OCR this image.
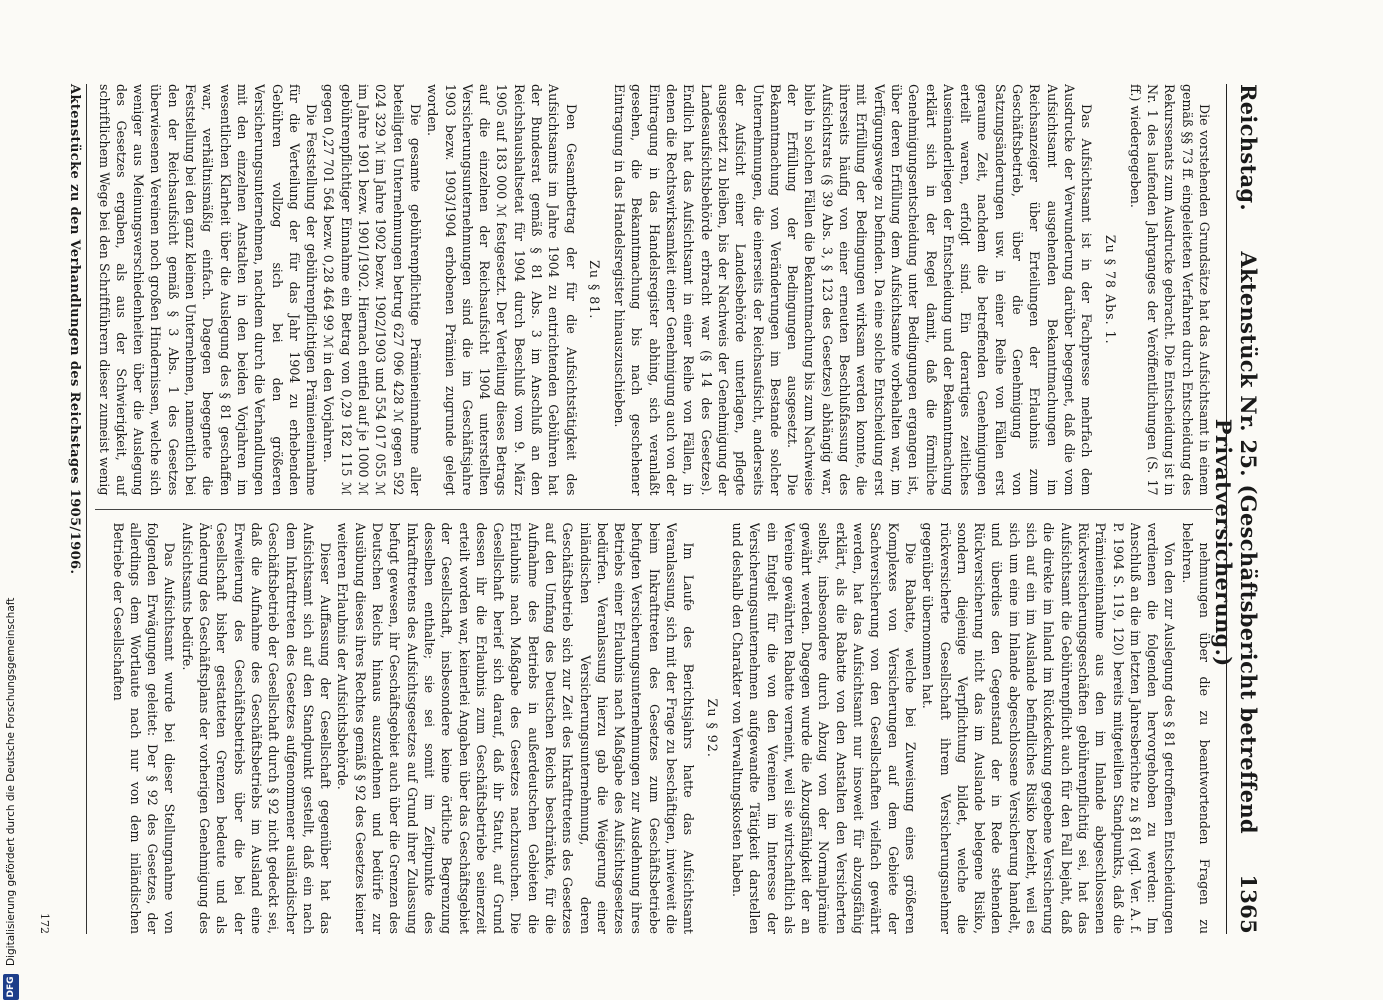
Reichstag.
Aktenstück Nr. 25. (Geschäftsbericht betreffend Privatversicherung.)
1365

Die vorstehenden Grundsätze hat das Aufsichtsamt in einem gemäß §§ 73 ff. eingeleiteten Verfahren durch Entscheidung des Rekurssenats zum Ausdrucke gebracht. Die Entscheidung ist in Nr. 1 des laufenden Jahrganges der Veröffentlichungen (S. 17 ff.) wiedergegeben.

Zu § 78 Abs. 1.

Das Aufsichtsamt ist in der Fachpresse mehrfach dem Ausdrucke der Verwunderung darüber begegnet, daß die vom Aufsichtsamt ausgehenden Bekanntmachungen im Reichsanzeiger über Erteilungen der Erlaubnis zum Geschäftsbetrieb, über die Genehmigung von Satzungsänderungen usw. in einer Reihe von Fällen erst geraume Zeit, nachdem die betreffenden Genehmigungen erteilt waren, erfolgt sind. Ein derartiges zeitliches Auseinanderliegen der Entscheidung und der Bekanntmachung erklärt sich in der Regel damit, daß die förmliche Genehmigungsentscheidung unter Bedingungen ergangen ist, über deren Erfüllung dem Aufsichtsamte vorbehalten war, im Verfügungswege zu befinden. Da eine solche Entscheidung erst mit Erfüllung der Bedingungen wirksam werden konnte, die ihrerseits häufig von einer erneuten Beschlußfassung des Aufsichtsrats (§ 39 Abs. 3, § 123 des Gesetzes) abhängig war, blieb in solchen Fällen die Bekanntmachung bis zum Nachweise der Erfüllung der Bedingungen ausgesetzt. Die Bekanntmachung von Veränderungen im Bestande solcher Unternehmungen, die einerseits der Reichsaufsicht, anderseits der Aufsicht einer Landesbehörde unterlagen, pflegte ausgesetzt zu bleiben, bis der Nachweis der Genehmigung der Landesaufsichtsbehörde erbracht war (§ 14 des Gesetzes). Endlich hat das Aufsichtsamt in einer Reihe von Fällen, in denen die Rechtswirksamkeit einer Genehmigung auch von der Eintragung in das Handelsregister abhing, sich veranlaßt gesehen, die Bekanntmachung bis nach geschehener Eintragung in das Handelsregister hinauszuschieben.

Zu § 81.

Den Gesamtbetrag der für die Aufsichtstätigkeit des Aufsichtsamts im Jahre 1904 zu entrichtenden Gebühren hat der Bundesrat gemäß § 81 Abs. 3 im Anschluß an den Reichshaushaltsetat für 1904 durch Beschluß vom 9. März 1905 auf 183 000 ℳ festgesetzt. Der Verteilung dieses Betrags auf die einzelnen der Reichsaufsicht 1904 unterstellten Versicherungsunternehmungen sind die im Geschäftsjahre 1903 bezw. 1903/1904 erhobenen Prämien zugrunde gelegt worden.

Die gesamte gebührenpflichtige Prämieneinnahme aller beteiligten Unternehmungen betrug 627 096 428 ℳ gegen 592 024 329 ℳ im Jahre 1902 bezw. 1902/1903 und 554 017 055 ℳ im Jahre 1901 bezw. 1901/1902. Hiernach entfiel auf je 1000 ℳ gebührenpflichtiger Einnahme ein Betrag von 0,29 182 115 ℳ gegen 0,27 701 564 bezw. 0,28 464 99 ℳ in den Vorjahren.

Die Feststellung der gebührenpflichtigen Prämieneinnahme für die Verteilung der für das Jahr 1904 zu erhebenden Gebühren vollzog sich bei den größeren Versicherungsunternehmen, nachdem durch die Verhandlungen mit den einzelnen Anstalten in den beiden Vorjahren im wesentlichen Klarheit über die Auslegung des § 81 geschaffen war, verhältnismäßig einfach. Dagegen begegnete die Feststellung bei den ganz kleinen Unternehmen, namentlich bei den der Reichsaufsicht gemäß § 3 Abs. 1 des Gesetzes überwiesenen Vereinen noch großen Hindernissen, welche sich weniger aus Meinungsverschiedenheiten über die Auslegung des Gesetzes ergaben, als aus der Schwierigkeit, auf schriftlichem Wege bei den Schriftführern dieser zumeist wenig

nehmungen über die zu beantwortenden Fragen zu belehren.

Von den zur Auslegung des § 81 getroffenen Entscheidungen verdienen die folgenden hervorgehoben zu werden: Im Anschluß an die im letzten Jahresberichte zu § 81 (vgl. Ver. A. f. P. 1904 S. 119, 120) bereits mitgeteilten Standpunkts, daß die Prämieneinnahme aus den im Inlande abgeschlossenen Rückversicherungsgeschäften gebührenpflichtig sei, hat das Aufsichtsamt die Gebührenpflicht auch für den Fall bejaht, daß die direkte im Inland im Rückdeckung gegebene Versicherung sich auf ein im Auslande befindliches Risiko bezieht, weil es sich um eine im Inlande abgeschlossene Versicherung handelt, und überdies den Gegenstand der in Rede stehenden Rückversicherung nicht das im Auslande belegene Risiko, sondern diejenige Verpflichtung bildet, welche die rückversicherte Gesellschaft ihrem Versicherungsnehmer gegenüber übernommen hat.

Die Rabatte, welche bei Zuweisung eines größeren Komplexes von Versicherungen auf dem Gebiete der Sachversicherung von den Gesellschaften vielfach gewährt werden, hat das Aufsichtsamt nur insoweit für abzugsfähig erklärt, als die Rabatte von den Anstalten den Versicherten selbst, insbesondere durch Abzug von der Normalprämie gewährt werden. Dagegen wurde die Abzugsfähigkeit der an Vereine gewährten Rabatte verneint, weil sie wirtschaftlich als ein Entgelt für die von den Vereinen im Interesse der Versicherungsunternehmen aufgewandte Tätigkeit darstellen und deshalb den Charakter von Verwaltungskosten haben.

Zu § 92.

Im Laufe des Berichtsjahrs hatte das Aufsichtsamt Veranlassung, sich mit der Frage zu beschäftigen, inwieweit die beim Inkrafttreten des Gesetzes zum Geschäftsbetriebe befugten Versicherungsunternehmungen zur Ausdehnung ihres Betriebs einer Erlaubnis nach Maßgabe des Aufsichtsgesetzes bedürfen. Veranlassung hierzu gab die Weigerung einer inländischen Versicherungsunternehmung, deren Geschäftsbetrieb sich zur Zeit des Inkrafttretens des Gesetzes auf den Umfang des Deutschen Reichs beschränkte, für die Aufnahme des Betriebs in außerdeutschen Gebieten die Erlaubnis nach Maßgabe des Gesetzes nachzusuchen. Die Gesellschaft berief sich darauf, daß ihr Statut, auf Grund dessen ihr die Erlaubnis zum Geschäftsbetriebe seinerzeit erteilt worden war, keinerlei Angaben über das Geschäftsgebiet der Gesellschaft, insbesondere keine örtliche Begrenzung desselben enthalte; sie sei somit im Zeitpunkte des Inkrafttretens des Aufsichtsgesetzes auf Grund ihrer Zulassung befugt gewesen, ihr Geschäftsgebiet auch über die Grenzen des Deutschen Reichs hinaus auszudehnen und bedürfe zur Ausübung dieses ihres Rechtes gemäß § 92 des Gesetzes keiner weiteren Erlaubnis der Aufsichtsbehörde.

Dieser Auffassung der Gesellschaft gegenüber hat das Aufsichtsamt sich auf den Standpunkt gestellt, daß ein nach dem Inkrafttreten des Gesetzes aufgenommener ausländischer Geschäftsbetrieb der Gesellschaft durch § 92 nicht gedeckt sei, daß die Aufnahme des Geschäftsbetriebs im Ausland eine Erweiterung des Geschäftsbetriebs über die bei der Gesellschaft bisher gestatteten Grenzen bedeute und als Änderung des Geschäftsplans der vorherigen Genehmigung des Aufsichtsamts bedürfe.

Das Aufsichtsamt wurde bei dieser Stellungnahme von folgenden Erwägungen geleitet: Der § 92 des Gesetzes, der allerdings dem Wortlaute nach nur von dem inländischen Betriebe der Gesellschaften

Aktenstücke zu den Verhandlungen des Reichstages 1905/1906.
172
DFG
Digitalisierung gefördert durch die Deutsche Forschungsgemeinschaft
